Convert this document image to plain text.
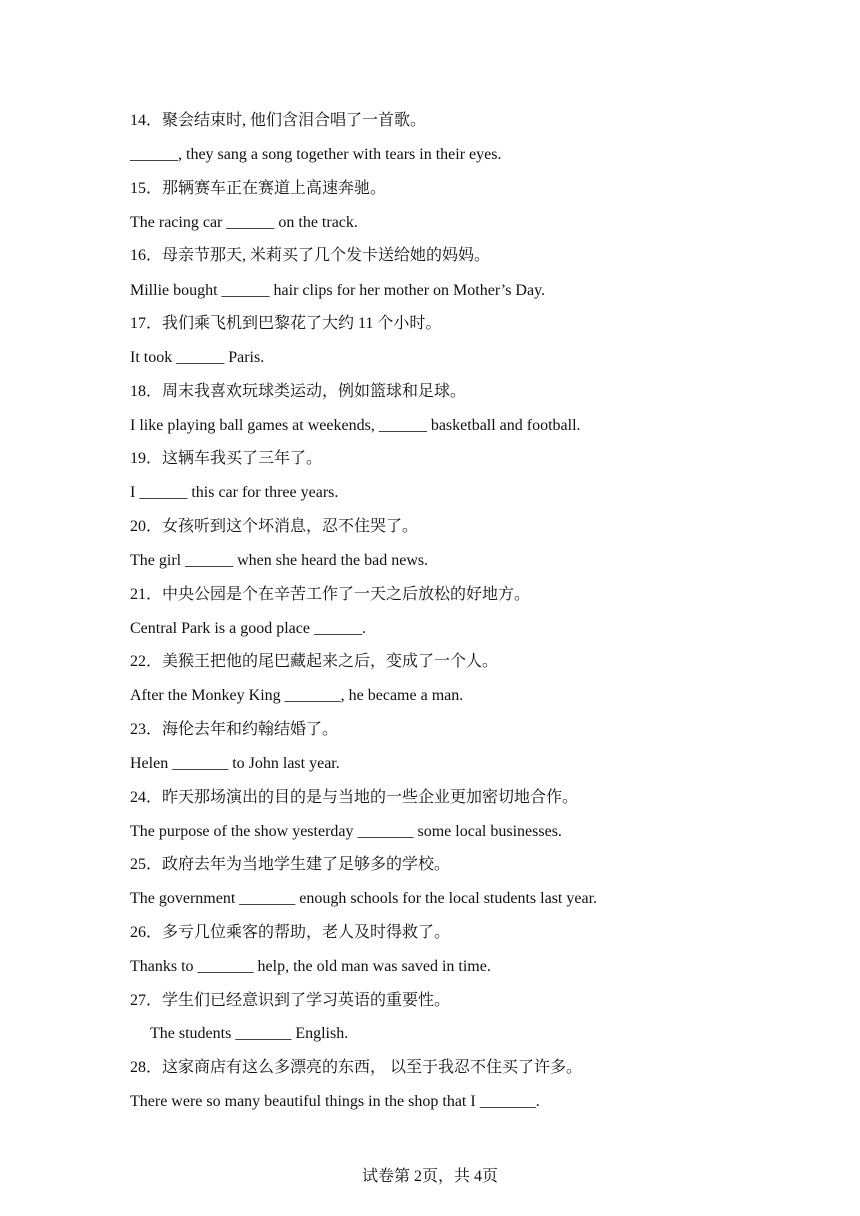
14．聚会结束时, 他们含泪合唱了一首歌。
______, they sang a song together with tears in their eyes.
15．那辆赛车正在赛道上高速奔驰。
The racing car ______ on the track.
16．母亲节那天, 米莉买了几个发卡送给她的妈妈。
Millie bought ______ hair clips for her mother on Mother’s Day.
17．我们乘飞机到巴黎花了大约 11 个小时。
It took ______ Paris.
18．周末我喜欢玩球类运动，例如篮球和足球。
I like playing ball games at weekends, ______ basketball and football.
19．这辆车我买了三年了。
I ______ this car for three years.
20．女孩听到这个坏消息，忍不住哭了。
The girl ______ when she heard the bad news.
21．中央公园是个在辛苦工作了一天之后放松的好地方。
Central Park is a good place ______.
22．美猴王把他的尾巴藏起来之后，变成了一个人。
After the Monkey King _______, he became a man.
23．海伦去年和约翰结婚了。
Helen _______ to John last year.
24．昨天那场演出的目的是与当地的一些企业更加密切地合作。
The purpose of the show yesterday _______ some local businesses.
25．政府去年为当地学生建了足够多的学校。
The government _______ enough schools for the local students last year.
26．多亏几位乘客的帮助，老人及时得救了。
Thanks to _______ help, the old man was saved in time.
27．学生们已经意识到了学习英语的重要性。
The students _______ English.
28．这家商店有这么多漂亮的东西， 以至于我忍不住买了许多。
There were so many beautiful things in the shop that I _______.
试卷第 2页，共 4页
